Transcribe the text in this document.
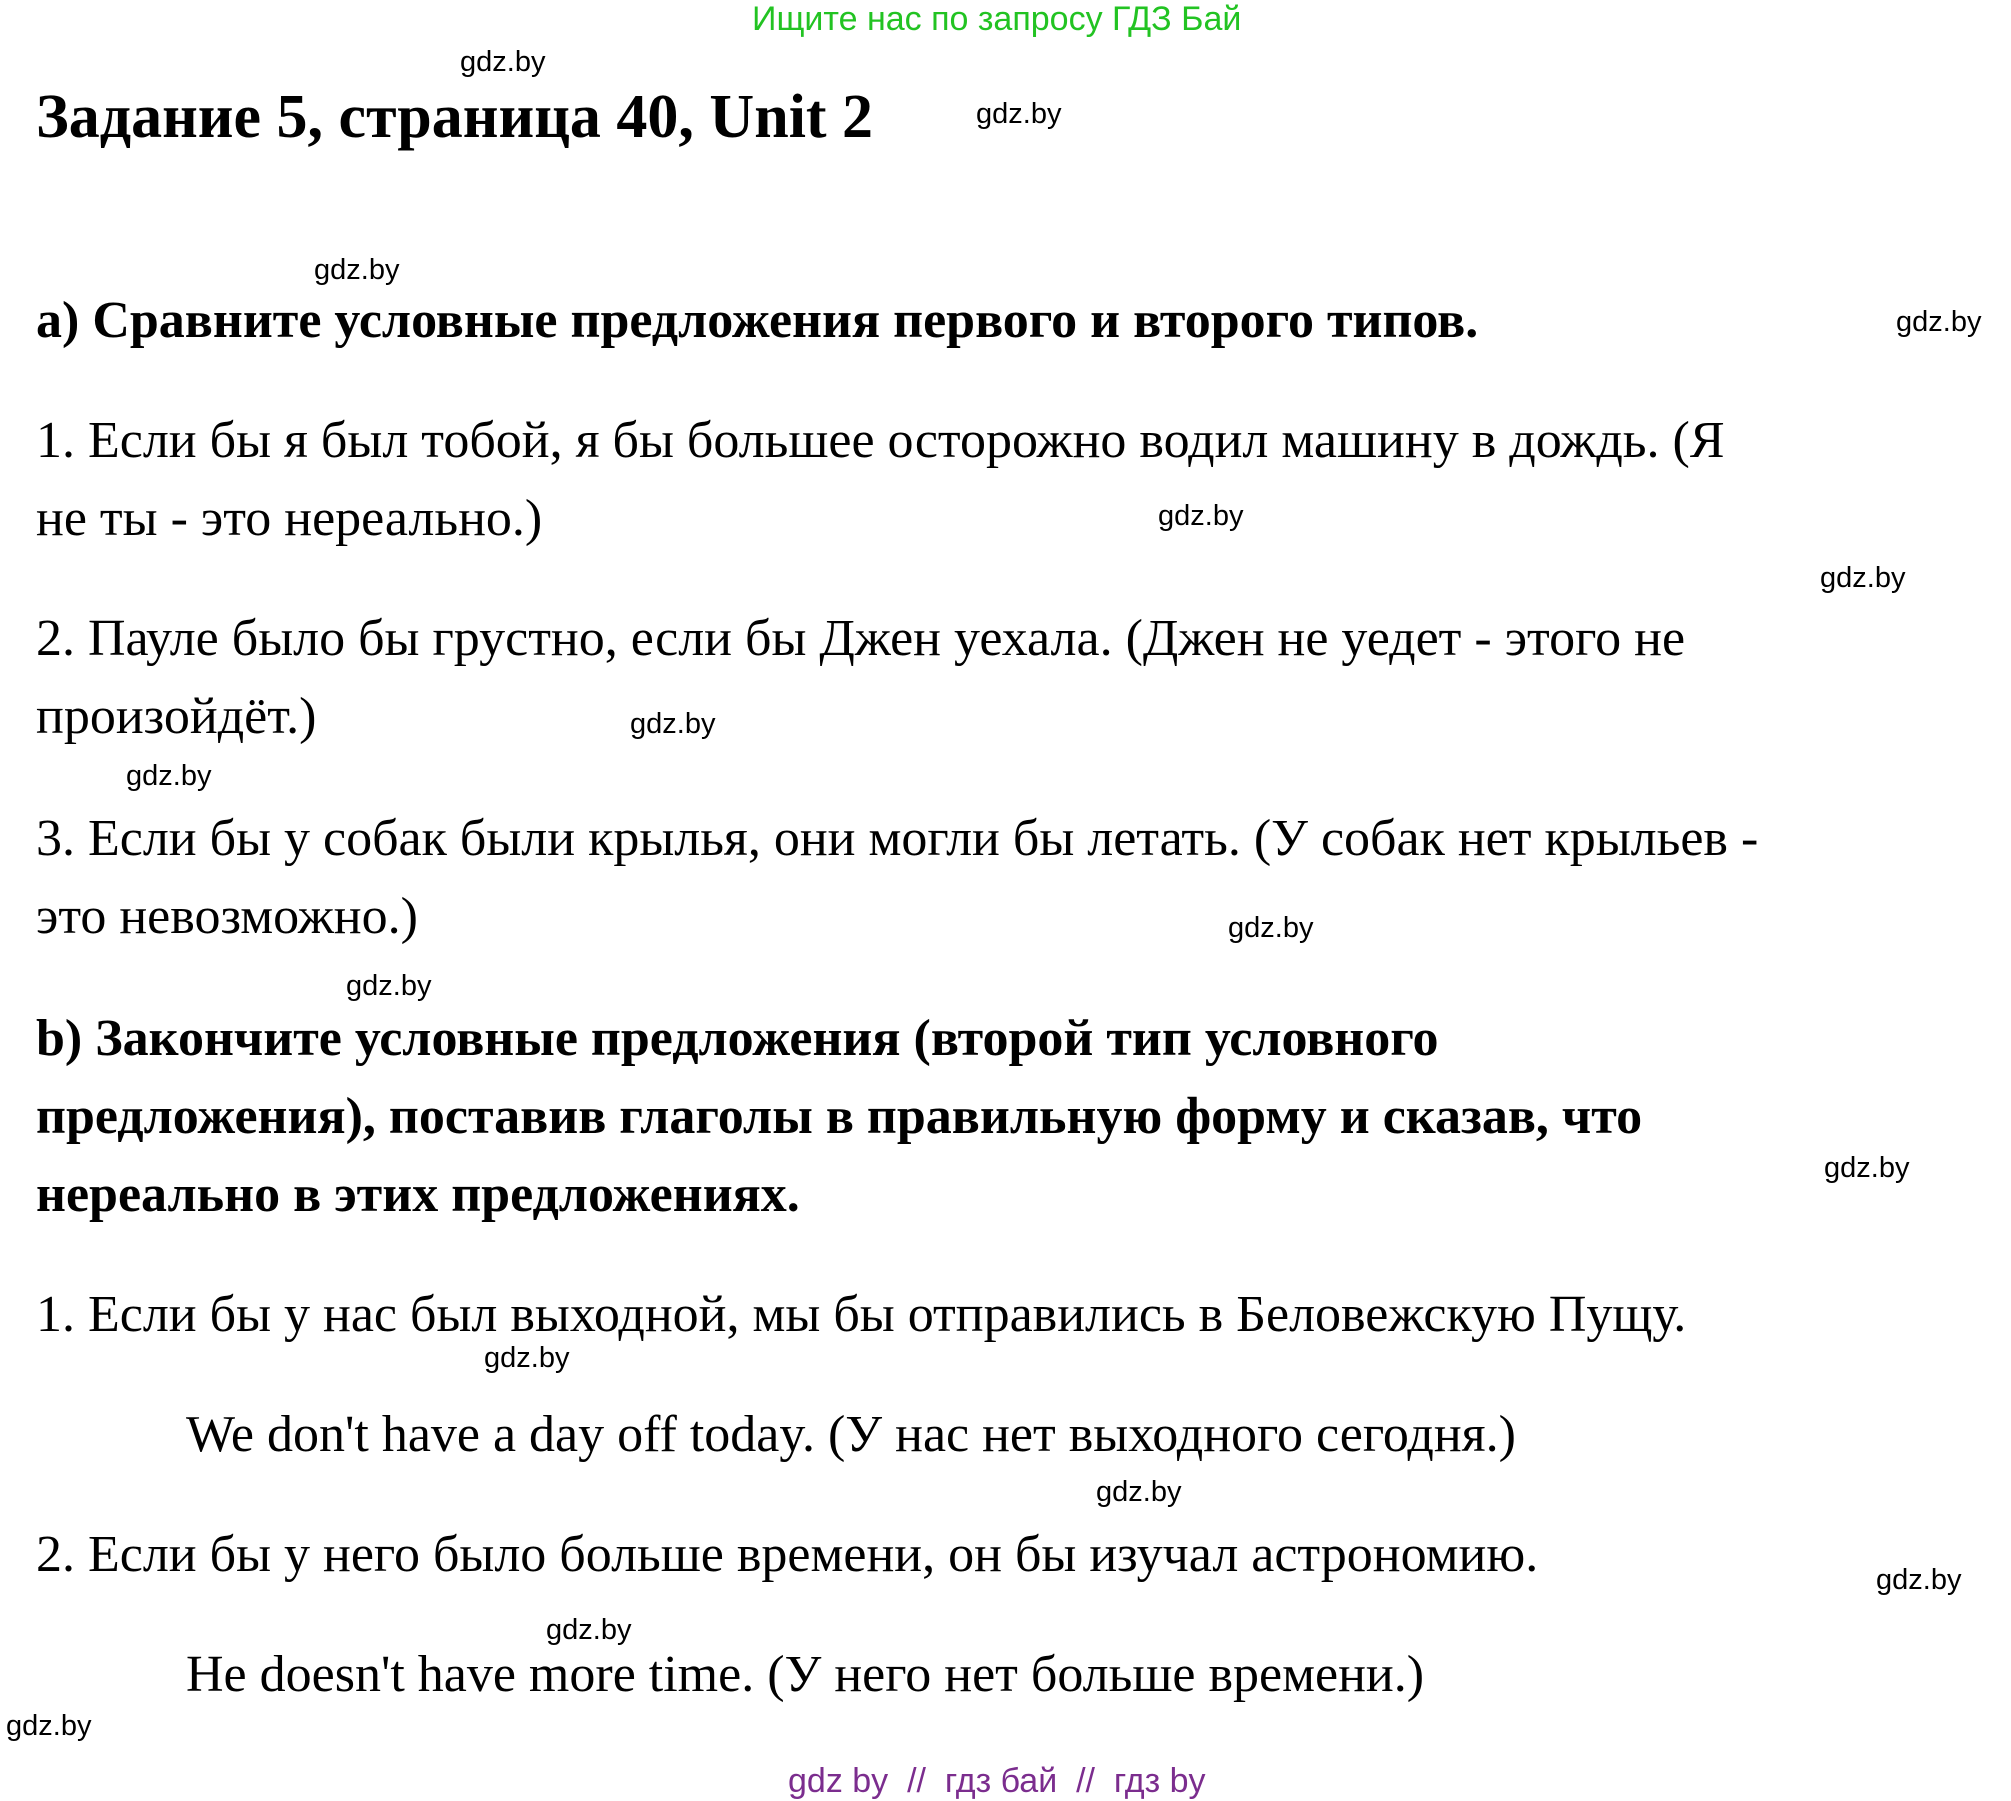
Ищите нас по запросу ГДЗ Бай
Задание 5, страница 40, Unit 2
a) Сравните условные предложения первого и второго типов.
1. Если бы я был тобой, я бы большее осторожно водил машину в дождь. (Я
не ты - это нереально.)
2. Пауле было бы грустно, если бы Джен уехала. (Джен не уедет - этого не
произойдёт.)
3. Если бы у собак были крылья, они могли бы летать. (У собак нет крыльев -
это невозможно.)
b) Закончите условные предложения (второй тип условного
предложения), поставив глаголы в правильную форму и сказав, что
нереально в этих предложениях.
1. Если бы у нас был выходной, мы бы отправились в Беловежскую Пущу.
We don't have a day off today. (У нас нет выходного сегодня.)
2. Если бы у него было больше времени, он бы изучал астрономию.
He doesn't have more time. (У него нет больше времени.)
gdz.by
gdz.by
gdz.by
gdz.by
gdz.by
gdz.by
gdz.by
gdz.by
gdz.by
gdz.by
gdz.by
gdz.by
gdz.by
gdz.by
gdz.by
gdz.by
gdz by  //  гдз бай  //  гдз by
